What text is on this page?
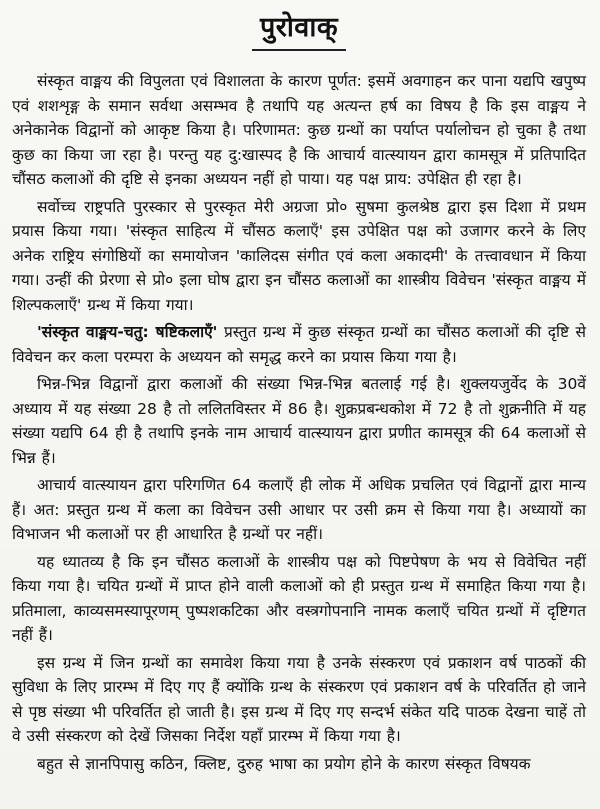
पुरोवाक्

संस्कृत वाङ्मय की विपुलता एवं विशालता के कारण पूर्णत: इसमें अवगाहन कर पाना यद्यपि खपुष्प एवं शशशृङ्ग के समान सर्वथा असम्भव है तथापि यह अत्यन्त हर्ष का विषय है कि इस वाङ्मय ने अनेकानेक विद्वानों को आकृष्ट किया है। परिणामत: कुछ ग्रन्थों का पर्याप्त पर्यालोचन हो चुका है तथा कुछ का किया जा रहा है। परन्तु यह दु:खास्पद है कि आचार्य वात्स्यायन द्वारा कामसूत्र में प्रतिपादित चौंसठ कलाओं की दृष्टि से इनका अध्ययन नहीं हो पाया। यह पक्ष प्राय: उपेक्षित ही रहा है।

सर्वोच्च राष्ट्रपति पुरस्कार से पुरस्कृत मेरी अग्रजा प्रो० सुषमा कुलश्रेष्ठ द्वारा इस दिशा में प्रथम प्रयास किया गया। 'संस्कृत साहित्य में चौंसठ कलाएँ' इस उपेक्षित पक्ष को उजागर करने के लिए अनेक राष्ट्रिय संगोष्ठियों का समायोजन 'कालिदस संगीत एवं कला अकादमी' के तत्त्वावधान में किया गया। उन्हीं की प्रेरणा से प्रो० इला घोष द्वारा इन चौंसठ कलाओं का शास्त्रीय विवेचन 'संस्कृत वाङ्मय में शिल्पकलाएँ' ग्रन्थ में किया गया।

'संस्कृत वाङ्मय-चतु: षष्टिकलाएँ' प्रस्तुत ग्रन्थ में कुछ संस्कृत ग्रन्थों का चौंसठ कलाओं की दृष्टि से विवेचन कर कला परम्परा के अध्ययन को समृद्ध करने का प्रयास किया गया है।

भिन्न-भिन्न विद्वानों द्वारा कलाओं की संख्या भिन्न-भिन्न बतलाई गई है। शुक्लयजुर्वेद के 30वें अध्याय में यह संख्या 28 है तो ललितविस्तर में 86 है। शुक्रप्रबन्धकोश में 72 है तो शुक्रनीति में यह संख्या यद्यपि 64 ही है तथापि इनके नाम आचार्य वात्स्यायन द्वारा प्रणीत कामसूत्र की 64 कलाओं से भिन्न हैं।

आचार्य वात्स्यायन द्वारा परिगणित 64 कलाएँ ही लोक में अधिक प्रचलित एवं विद्वानों द्वारा मान्य हैं। अत: प्रस्तुत ग्रन्थ में कला का विवेचन उसी आधार पर उसी क्रम से किया गया है। अध्यायों का विभाजन भी कलाओं पर ही आधारित है ग्रन्थों पर नहीं।

यह ध्यातव्य है कि इन चौंसठ कलाओं के शास्त्रीय पक्ष को पिष्टपेषण के भय से विवेचित नहीं किया गया है। चयित ग्रन्थों में प्राप्त होने वाली कलाओं को ही प्रस्तुत ग्रन्थ में समाहित किया गया है। प्रतिमाला, काव्यसमस्यापूरणम् पुष्पशकटिका और वस्त्रगोपनानि नामक कलाएँ चयित ग्रन्थों में दृष्टिगत नहीं हैं।

इस ग्रन्थ में जिन ग्रन्थों का समावेश किया गया है उनके संस्करण एवं प्रकाशन वर्ष पाठकों की सुविधा के लिए प्रारम्भ में दिए गए हैं क्योंकि ग्रन्थ के संस्करण एवं प्रकाशन वर्ष के परिवर्तित हो जाने से पृष्ठ संख्या भी परिवर्तित हो जाती है। इस ग्रन्थ में दिए गए सन्दर्भ संकेत यदि पाठक देखना चाहें तो वे उसी संस्करण को देखें जिसका निर्देश यहाँ प्रारम्भ में किया गया है।

बहुत से ज्ञानपिपासु कठिन, क्लिष्ट, दुरुह भाषा का प्रयोग होने के कारण संस्कृत विषयक
